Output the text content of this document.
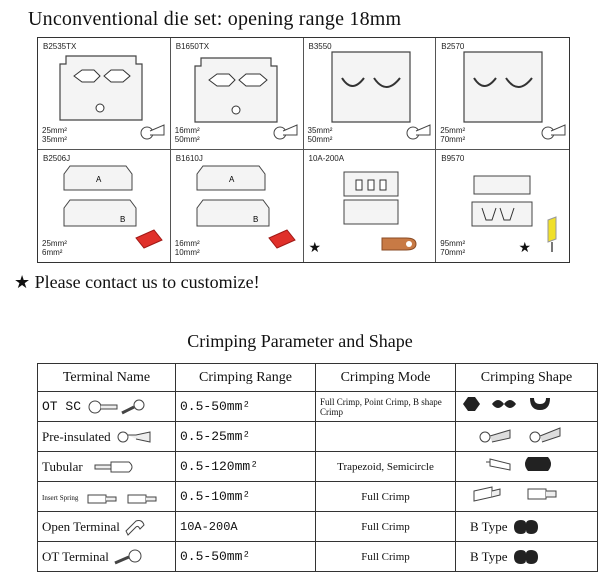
Unconventional die set: opening range 18mm
B2535TX
25mm²
35mm²
B1650TX
16mm²
50mm²
B3550
35mm²
50mm²
B2570
25mm²
70mm²
B2506J
A
B
25mm²
6mm²
B1610J
A
B
16mm²
10mm²
10A-200A
★
B9570
95mm²
70mm²	★
★ Please contact us to customize!
Crimping Parameter and Shape
Terminal Name	Crimping Range	Crimping Mode	Crimping Shape

OT SC	0.5-50mm²	Full Crimp, Point Crimp, B shape Crimp	

Pre-insulated	0.5-25mm²		

Tubular	0.5-120mm²	Trapezoid, Semicircle	

Insert Spring	0.5-10mm²	Full Crimp	

Open Terminal	10A-200A	Full Crimp	B Type

OT Terminal	0.5-50mm²	Full Crimp	B Type
